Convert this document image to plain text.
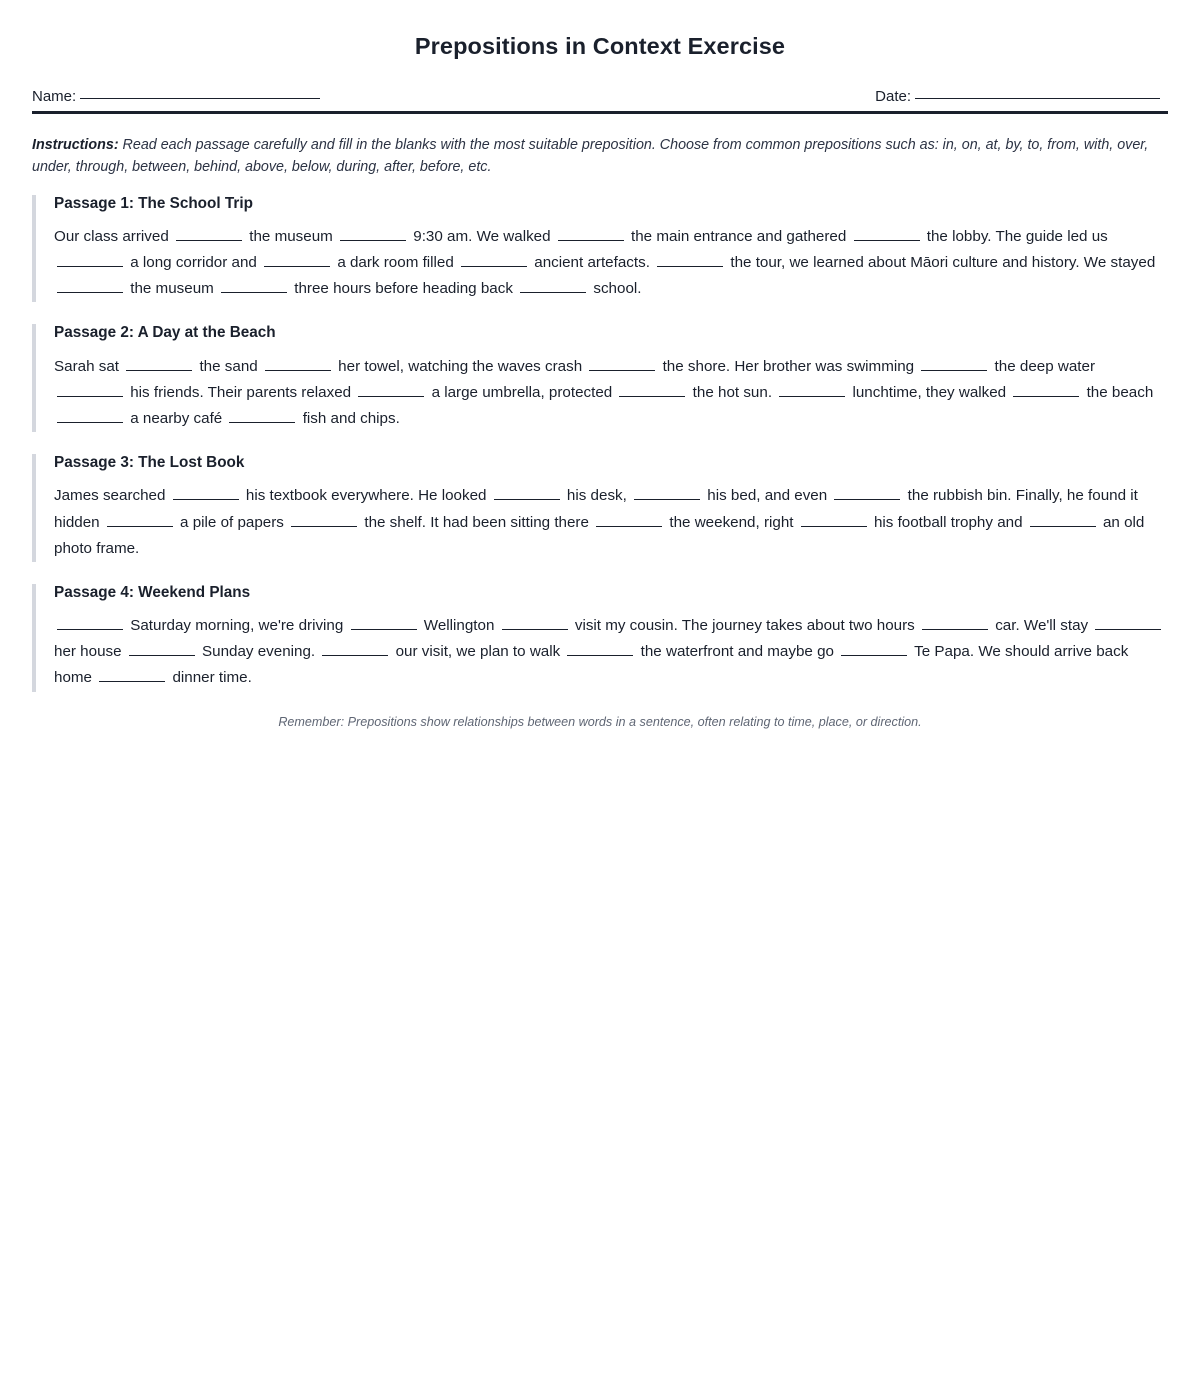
Prepositions in Context Exercise
Name:	Date:

Instructions: Read each passage carefully and fill in the blanks with the most suitable preposition. Choose from common prepositions such as: in, on, at, by, to, from, with, over, under, through, between, behind, above, below, during, after, before, etc.

Passage 1: The School Trip
Our class arrived	the museum	9:30 am. We walked	the main entrance and gathered	the lobby. The guide led us  a long corridor and	a dark room filled	ancient artefacts.	the tour, we learned about Māori culture and history. We stayed  the museum	three hours before heading back	school.
Passage 2: A Day at the Beach
Sarah sat	the sand	her towel, watching the waves crash	the shore. Her brother was swimming	the deep water  his friends. Their parents relaxed	a large umbrella, protected	the hot sun.	lunchtime, they walked	the beach  a nearby café	fish and chips.
Passage 3: The Lost Book
James searched	his textbook everywhere. He looked	his desk,	his bed, and even	the rubbish bin. Finally, he found it hidden	a pile of papers	the shelf. It had been sitting there	the weekend, right	his football trophy and	an old photo frame.
Passage 4: Weekend Plans
Saturday morning, we're driving	Wellington	visit my cousin. The journey takes about two hours	car. We'll stay  her house	Sunday evening.	our visit, we plan to walk	the waterfront and maybe go	Te Papa. We should arrive back home	dinner time.

Remember: Prepositions show relationships between words in a sentence, often relating to time, place, or direction.
